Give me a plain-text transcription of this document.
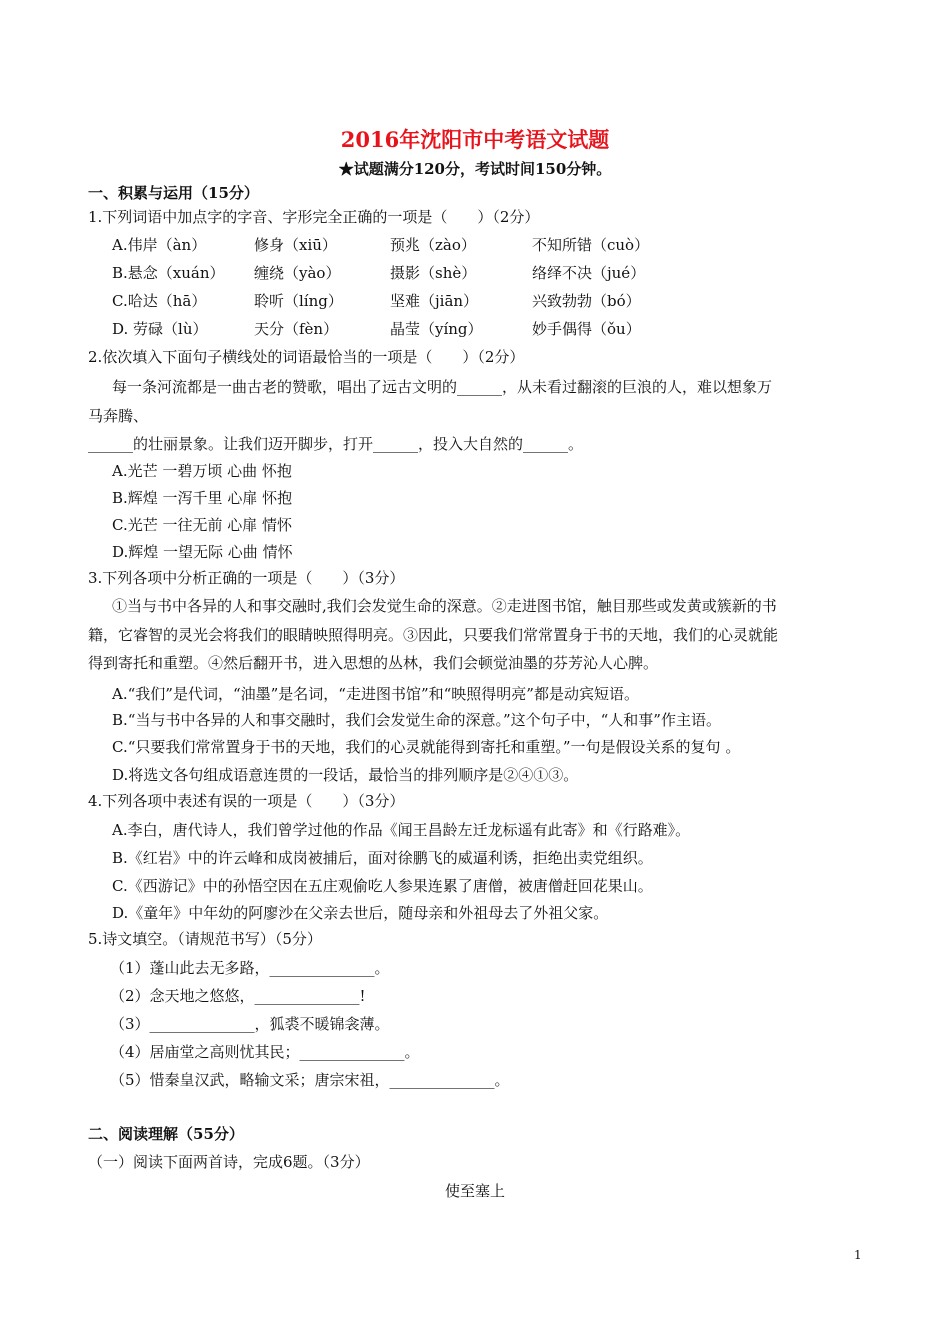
2016年沈阳市中考语文试题
★试题满分120分，考试时间150分钟。
一、积累与运用（15分）
1.下列词语中加点字的字音、字形完全正确的一项是（　　）（2分）
A.伟岸（àn）	修身（xiū）	预兆（zào）	不知所错（cuò）
B.悬念（xuán） 缠绕（yào）	摄影（shè）	络绎不决（jué）
C.哈达（hā）	聆听（líng）	坚难（jiān）	兴致勃勃（bó）
D. 劳碌（lù）	天分（fèn）	晶莹（yíng）	妙手偶得（ǒu）
2.依次填入下面句子横线处的词语最恰当的一项是（　　）（2分）
每一条河流都是一曲古老的赞歌，唱出了远古文明的______，从未看过翻滚的巨浪的人，难以想象万
马奔腾、
______的壮丽景象。让我们迈开脚步，打开______，投入大自然的______。
A.光芒 一碧万顷 心曲 怀抱
B.辉煌 一泻千里 心扉 怀抱
C.光芒 一往无前 心扉 情怀
D.辉煌 一望无际 心曲 情怀
3.下列各项中分析正确的一项是（　　）（3分）
①当与书中各异的人和事交融时,我们会发觉生命的深意。②走进图书馆，触目那些或发黄或簇新的书
籍，它睿智的灵光会将我们的眼睛映照得明亮。③因此，只要我们常常置身于书的天地，我们的心灵就能
得到寄托和重塑。④然后翻开书，进入思想的丛林，我们会顿觉油墨的芬芳沁人心脾。
A.“我们”是代词，“油墨”是名词，“走进图书馆”和“映照得明亮”都是动宾短语。
B.“当与书中各异的人和事交融时，我们会发觉生命的深意。”这个句子中，“人和事”作主语。
C.“只要我们常常置身于书的天地，我们的心灵就能得到寄托和重塑。”一句是假设关系的复句 。
D.将选文各句组成语意连贯的一段话，最恰当的排列顺序是②④①③。
4.下列各项中表述有误的一项是（　　）（3分）
A.李白，唐代诗人，我们曾学过他的作品《闻王昌龄左迁龙标遥有此寄》和《行路难》。
B.《红岩》中的许云峰和成岗被捕后，面对徐鹏飞的威逼利诱，拒绝出卖党组织。
C.《西游记》中的孙悟空因在五庄观偷吃人参果连累了唐僧，被唐僧赶回花果山。
D.《童年》中年幼的阿廖沙在父亲去世后，随母亲和外祖母去了外祖父家。
5.诗文填空。（请规范书写）（5分）
（1）蓬山此去无多路，______________。
（2）念天地之悠悠，______________!
（3）______________，狐裘不暖锦衾薄。
（4）居庙堂之高则忧其民；______________。
（5）惜秦皇汉武，略输文采；唐宗宋祖，______________。
二、阅读理解（55分）
（一）阅读下面两首诗，完成6题。（3分）
使至塞上
1
